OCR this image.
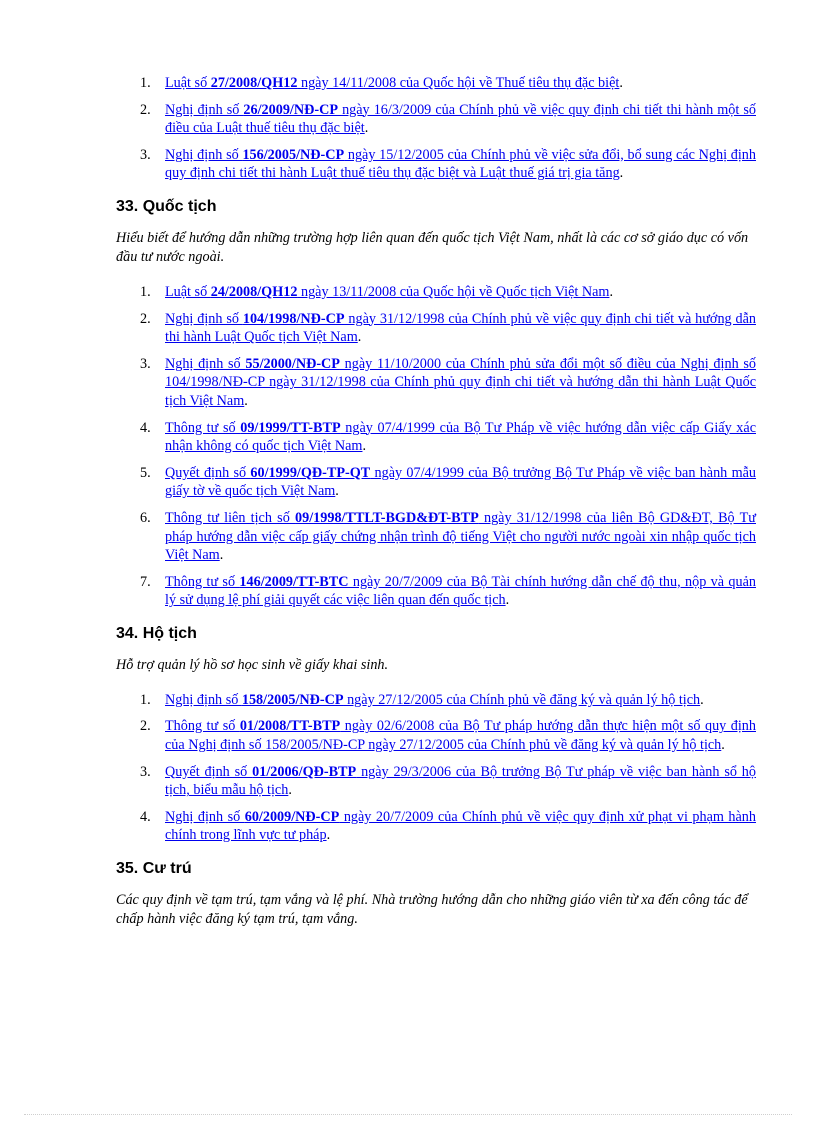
1. Luật số 27/2008/QH12 ngày 14/11/2008 của Quốc hội về Thuế tiêu thụ đặc biệt.
2. Nghị định số 26/2009/NĐ-CP ngày 16/3/2009 của Chính phủ về việc quy định chi tiết thi hành một số điều của Luật thuế tiêu thụ đặc biệt.
3. Nghị định số 156/2005/NĐ-CP ngày 15/12/2005 của Chính phủ về việc sửa đổi, bổ sung các Nghị định quy định chi tiết thi hành Luật thuế tiêu thụ đặc biệt và Luật thuế giá trị gia tăng.
33. Quốc tịch

Hiểu biết để hướng dẫn những trường hợp liên quan đến quốc tịch Việt Nam, nhất là các cơ sở giáo dục có vốn đầu tư nước ngoài.

1. Luật số 24/2008/QH12 ngày 13/11/2008 của Quốc hội về Quốc tịch Việt Nam.
2. Nghị định số 104/1998/NĐ-CP ngày 31/12/1998 của Chính phủ về việc quy định chi tiết và hướng dẫn thi hành Luật Quốc tịch Việt Nam.
3. Nghị định số 55/2000/NĐ-CP ngày 11/10/2000 của Chính phủ sửa đổi một số điều của Nghị định số 104/1998/NĐ-CP ngày 31/12/1998 của Chính phủ quy định chi tiết và hướng dẫn thi hành Luật Quốc tịch Việt Nam.
4. Thông tư số 09/1999/TT-BTP ngày 07/4/1999 của Bộ Tư Pháp về việc hướng dẫn việc cấp Giấy xác nhận không có quốc tịch Việt Nam.
5. Quyết định số 60/1999/QĐ-TP-QT ngày 07/4/1999 của Bộ trưởng Bộ Tư Pháp về việc ban hành mẫu giấy tờ về quốc tịch Việt Nam.
6. Thông tư liên tịch số 09/1998/TTLT-BGD&ĐT-BTP ngày 31/12/1998 của liên Bộ GD&ĐT, Bộ Tư pháp hướng dẫn việc cấp giấy chứng nhận trình độ tiếng Việt cho người nước ngoài xin nhập quốc tịch Việt Nam.
7. Thông tư số 146/2009/TT-BTC ngày 20/7/2009 của Bộ Tài chính hướng dẫn chế độ thu, nộp và quản lý sử dụng lệ phí giải quyết các việc liên quan đến quốc tịch.
34. Hộ tịch

Hỗ trợ quản lý hồ sơ học sinh về giấy khai sinh.

1. Nghị định số 158/2005/NĐ-CP ngày 27/12/2005 của Chính phủ về đăng ký và quản lý hộ tịch.
2. Thông tư số 01/2008/TT-BTP ngày 02/6/2008 của Bộ Tư pháp hướng dẫn thực hiện một số quy định của Nghị định số 158/2005/NĐ-CP ngày 27/12/2005 của Chính phủ về đăng ký và quản lý hộ tịch.
3. Quyết định số 01/2006/QĐ-BTP ngày 29/3/2006 của Bộ trưởng Bộ Tư pháp về việc ban hành sổ hộ tịch, biểu mẫu hộ tịch.
4. Nghị định số 60/2009/NĐ-CP ngày 20/7/2009 của Chính phủ về việc quy định xử phạt vi phạm hành chính trong lĩnh vực tư pháp.
35. Cư trú

Các quy định về tạm trú, tạm vắng và lệ phí. Nhà trường hướng dẫn cho những giáo viên từ xa đến công tác để chấp hành việc đăng ký tạm trú, tạm vắng.
